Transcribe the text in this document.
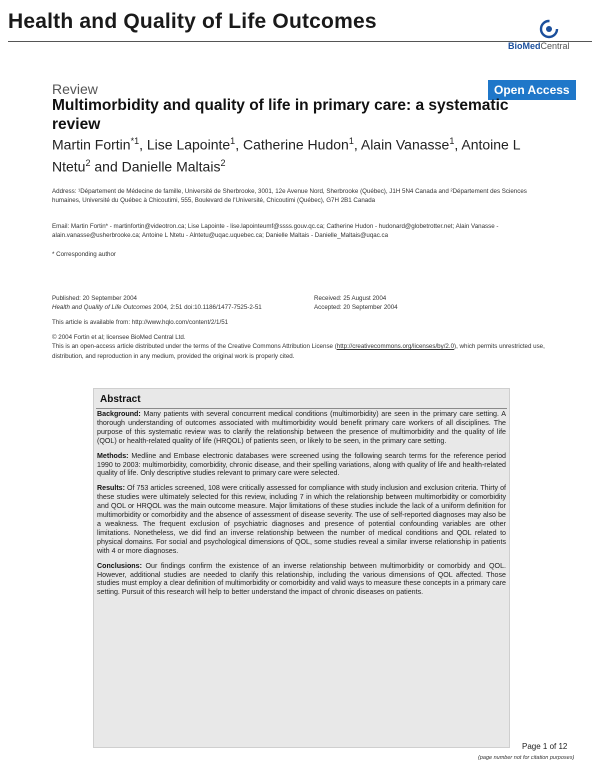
Health and Quality of Life Outcomes
BioMedCentral
Review	Open Access
Multimorbidity and quality of life in primary care: a systematic review
Martin Fortin$^{*1}$, Lise Lapointe$^1$, Catherine Hudon$^1$, Alain Vanasse$^1$, Antoine L Ntetu$^2$ and Danielle Maltais$^2$
Address: ¹Département de Médecine de famille, Université de Sherbrooke, 3001, 12e Avenue Nord, Sherbrooke (Québec), J1H 5N4 Canada and ²Département des Sciences humaines, Université du Québec à Chicoutimi, 555, Boulevard de l'Université, Chicoutimi (Québec), G7H 2B1 Canada
Email: Martin Fortin* - martinfortin@videotron.ca; Lise Lapointe - lise.lapointeumf@ssss.gouv.qc.ca; Catherine Hudon - hudonard@globetrotter.net; Alain Vanasse - alain.vanasse@usherbrooke.ca; Antoine L Ntetu - Alntetu@uqac.uquebec.ca; Danielle Maltais - Danielle_Maltais@uqac.ca
* Corresponding author
Published: 20 September 2004
Health and Quality of Life Outcomes 2004, 2:51 doi:10.1186/1477-7525-2-51
Received: 25 August 2004
Accepted: 20 September 2004
This article is available from: http://www.hqlo.com/content/2/1/51
© 2004 Fortin et al; licensee BioMed Central Ltd.
This is an open-access article distributed under the terms of the Creative Commons Attribution License (http://creativecommons.org/licenses/by/2.0), which permits unrestricted use, distribution, and reproduction in any medium, provided the original work is properly cited.
Abstract

Background: Many patients with several concurrent medical conditions (multimorbidity) are seen in the primary care setting. A thorough understanding of outcomes associated with multimorbidity would benefit primary care workers of all disciplines. The purpose of this systematic review was to clarify the relationship between the presence of multimorbidity and the quality of life (QOL) or health-related quality of life (HRQOL) of patients seen, or likely to be seen, in the primary care setting.

Methods: Medline and Embase electronic databases were screened using the following search terms for the reference period 1990 to 2003: multimorbidity, comorbidity, chronic disease, and their spelling variations, along with quality of life and health-related quality of life. Only descriptive studies relevant to primary care were selected.

Results: Of 753 articles screened, 108 were critically assessed for compliance with study inclusion and exclusion criteria. Thirty of these studies were ultimately selected for this review, including 7 in which the relationship between multimorbidity or comorbidity and QOL or HRQOL was the main outcome measure. Major limitations of these studies include the lack of a uniform definition for multimorbidity or comorbidity and the absence of assessment of disease severity. The use of self-reported diagnoses may also be a weakness. The frequent exclusion of psychiatric diagnoses and presence of potential confounding variables are other limitations. Nonetheless, we did find an inverse relationship between the number of medical conditions and QOL related to physical domains. For social and psychological dimensions of QOL, some studies reveal a similar inverse relationship in patients with 4 or more diagnoses.

Conclusions: Our findings confirm the existence of an inverse relationship between multimorbidity or comorbidy and QOL. However, additional studies are needed to clarify this relationship, including the various dimensions of QOL affected. Those studies must employ a clear definition of multimorbidity or comorbidity and valid ways to measure these concepts in a primary care setting. Pursuit of this research will help to better understand the impact of chronic diseases on patients.

Page 1 of 12
(page number not for citation purposes)
